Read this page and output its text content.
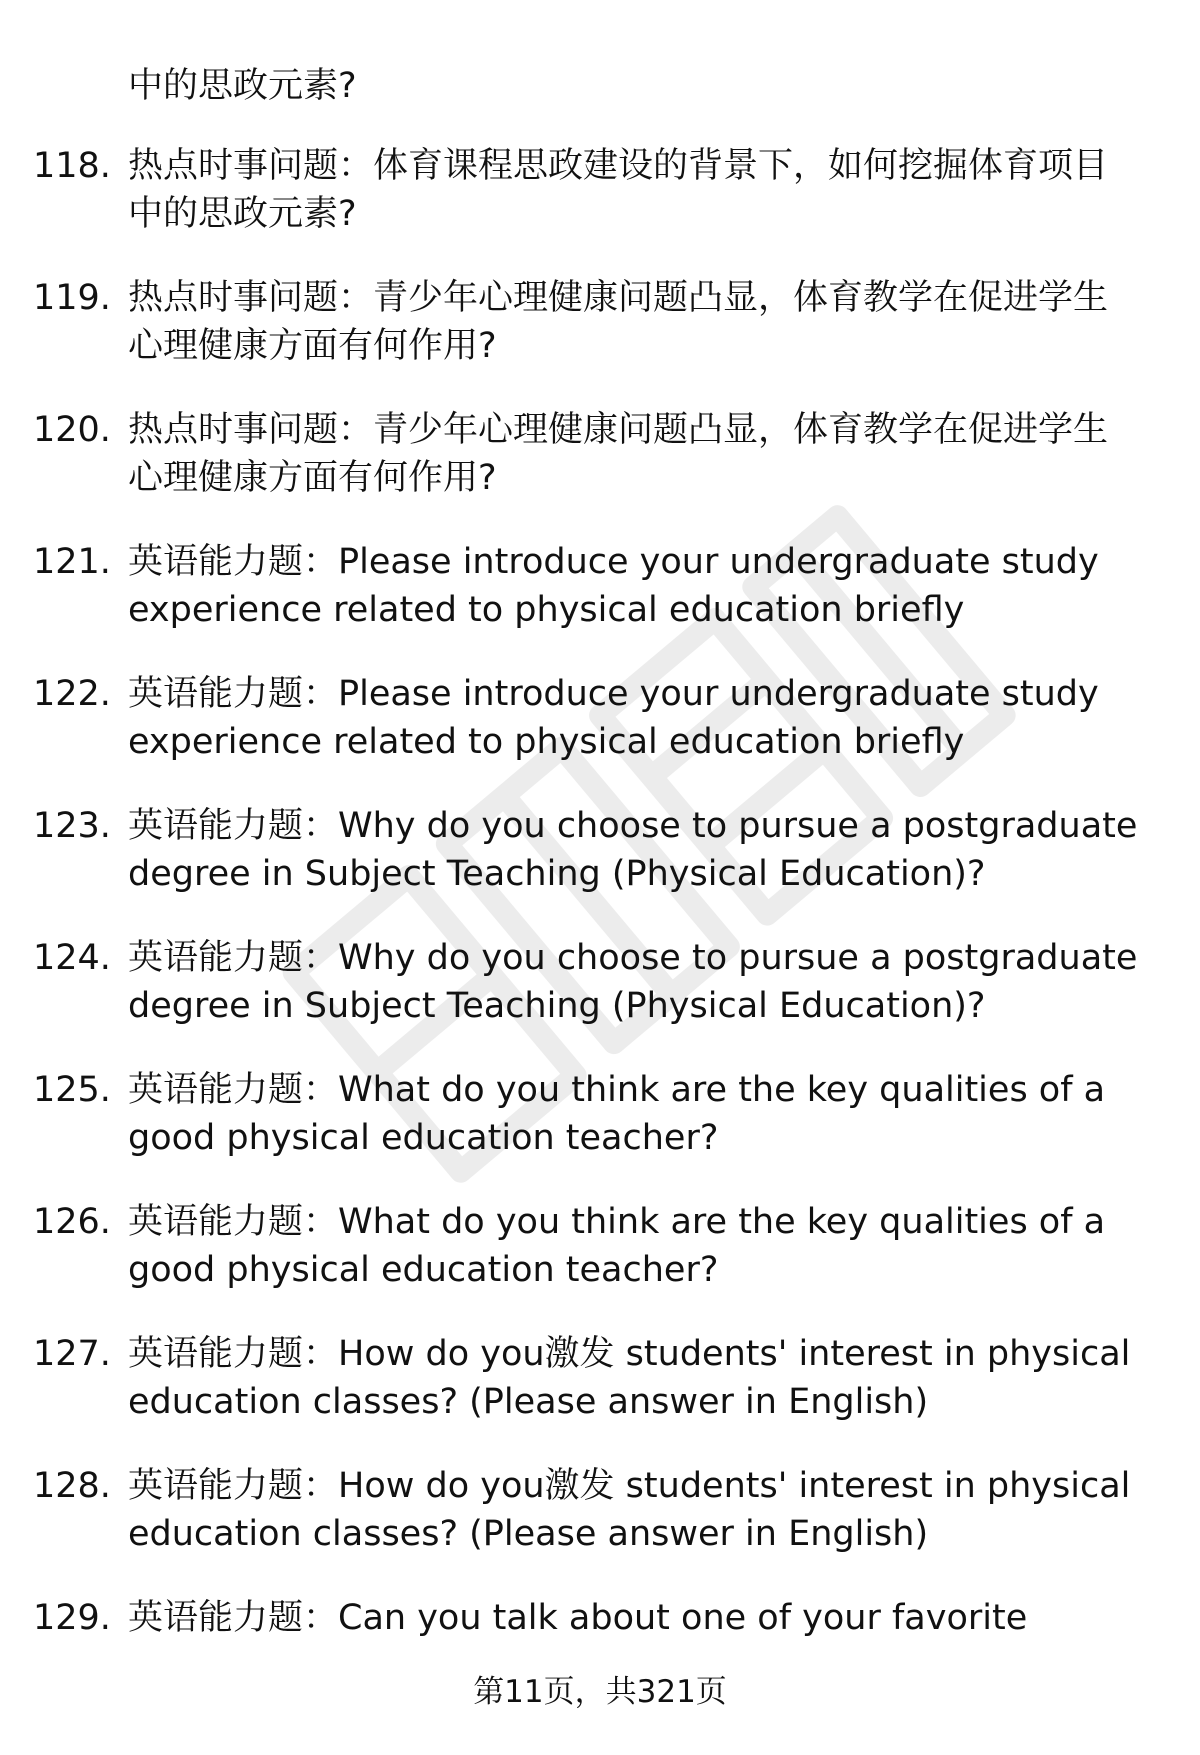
中的思政元素?

118. 热点时事问题：体育课程思政建设的背景下，如何挖掘体育项目
中的思政元素?
119. 热点时事问题：青少年心理健康问题凸显，体育教学在促进学生
心理健康方面有何作用?
120. 热点时事问题：青少年心理健康问题凸显，体育教学在促进学生
心理健康方面有何作用?
121. 英语能力题：Please introduce your undergraduate study
experience related to physical education briefly
122. 英语能力题：Please introduce your undergraduate study
experience related to physical education briefly
123. 英语能力题：Why do you choose to pursue a postgraduate
degree in Subject Teaching (Physical Education)?
124. 英语能力题：Why do you choose to pursue a postgraduate
degree in Subject Teaching (Physical Education)?
125. 英语能力题：What do you think are the key qualities of a
good physical education teacher?
126. 英语能力题：What do you think are the key qualities of a
good physical education teacher?
127. 英语能力题：How do you激发 students' interest in physical
education classes? (Please answer in English)
128. 英语能力题：How do you激发 students' interest in physical
education classes? (Please answer in English)
129. 英语能力题：Can you talk about one of your favorite
第11页，共321页
